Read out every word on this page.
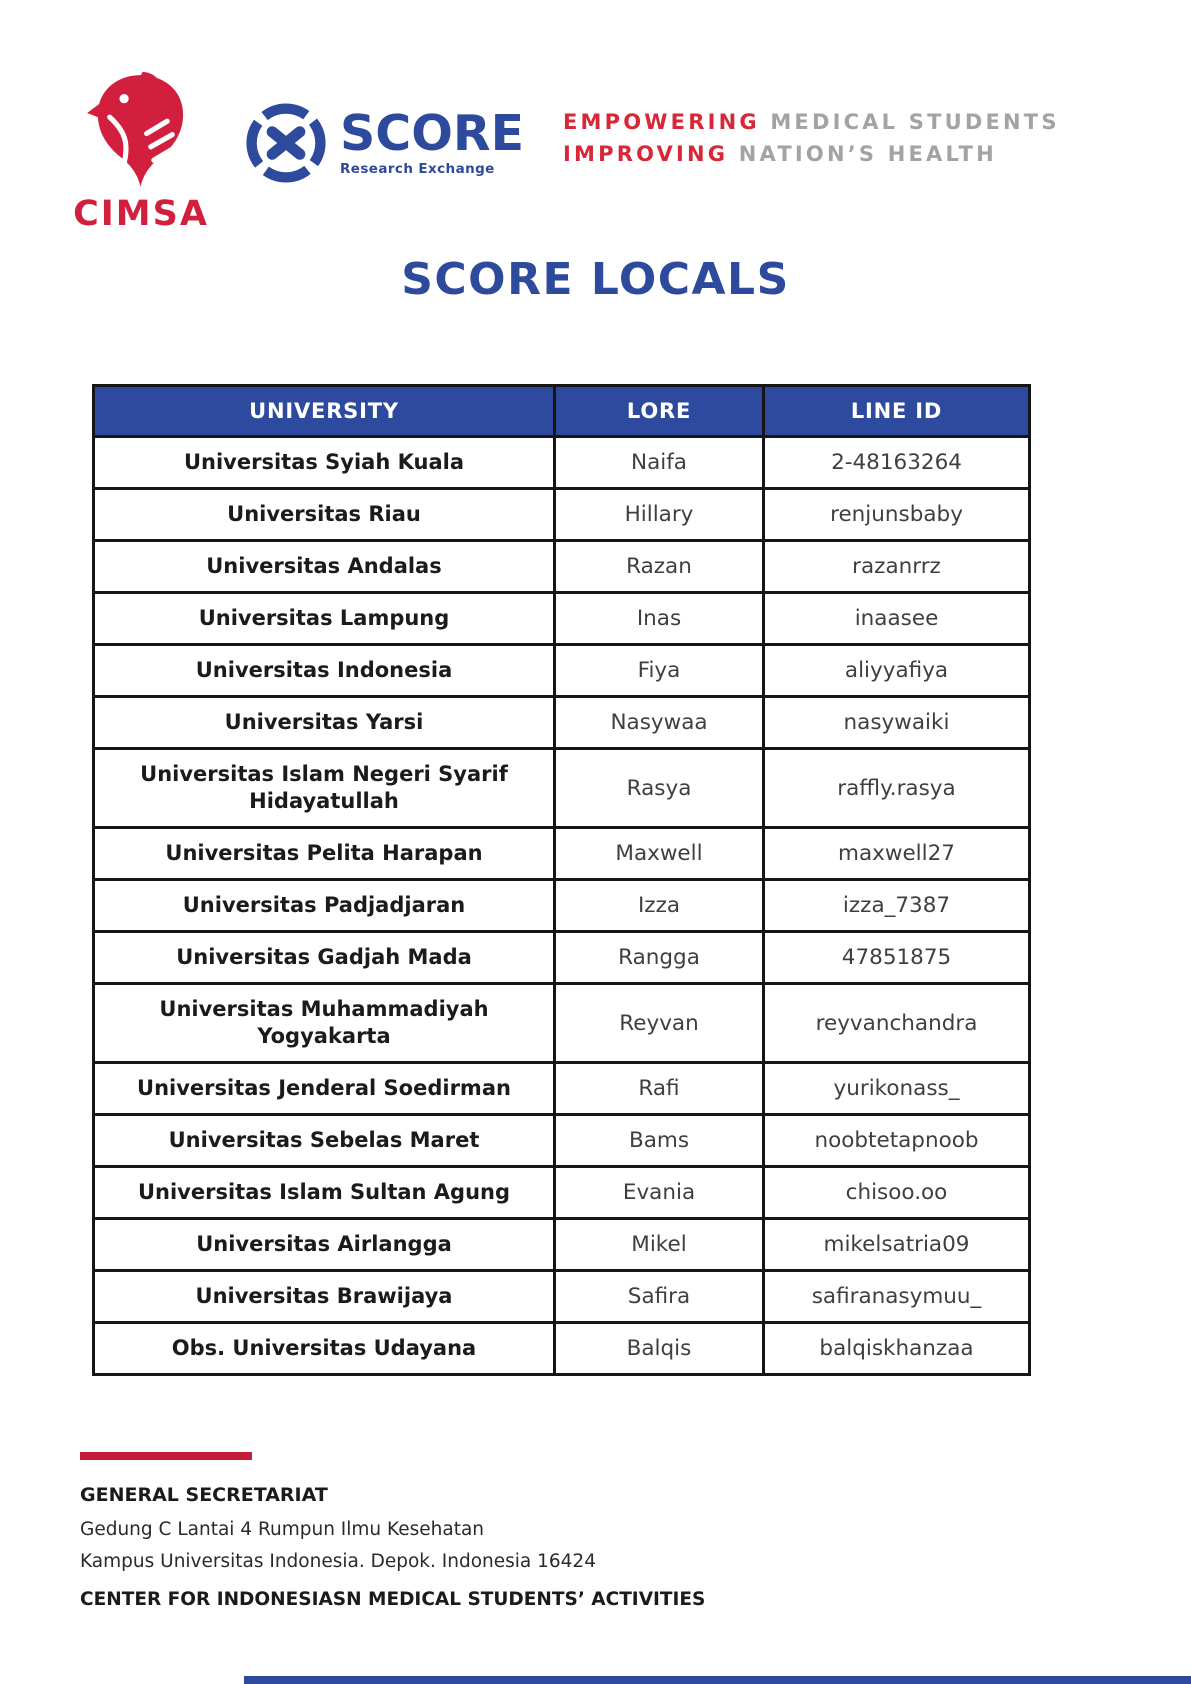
CIMSA
SCORE
Research Exchange
EMPOWERING MEDICAL STUDENTS
IMPROVING NATION’S HEALTH
SCORE LOCALS
UNIVERSITY	LORE	LINE ID
Universitas Syiah Kuala	Naifa	2-48163264
Universitas Riau	Hillary	renjunsbaby
Universitas Andalas	Razan	razanrrz
Universitas Lampung	Inas	inaasee
Universitas Indonesia	Fiya	aliyyafiya
Universitas Yarsi	Nasywaa	nasywaiki
Universitas Islam Negeri Syarif Hidayatullah	Rasya	raffly.rasya
Universitas Pelita Harapan	Maxwell	maxwell27
Universitas Padjadjaran	Izza	izza_7387
Universitas Gadjah Mada	Rangga	47851875
Universitas Muhammadiyah Yogyakarta	Reyvan	reyvanchandra
Universitas Jenderal Soedirman	Rafi	yurikonass_
Universitas Sebelas Maret	Bams	noobtetapnoob
Universitas Islam Sultan Agung	Evania	chisoo.oo
Universitas Airlangga	Mikel	mikelsatria09
Universitas Brawijaya	Safira	safiranasymuu_
Obs. Universitas Udayana	Balqis	balqiskhanzaa
GENERAL SECRETARIAT
Gedung C Lantai 4 Rumpun Ilmu Kesehatan
Kampus Universitas Indonesia. Depok. Indonesia 16424
CENTER FOR INDONESIASN MEDICAL STUDENTS’ ACTIVITIES
